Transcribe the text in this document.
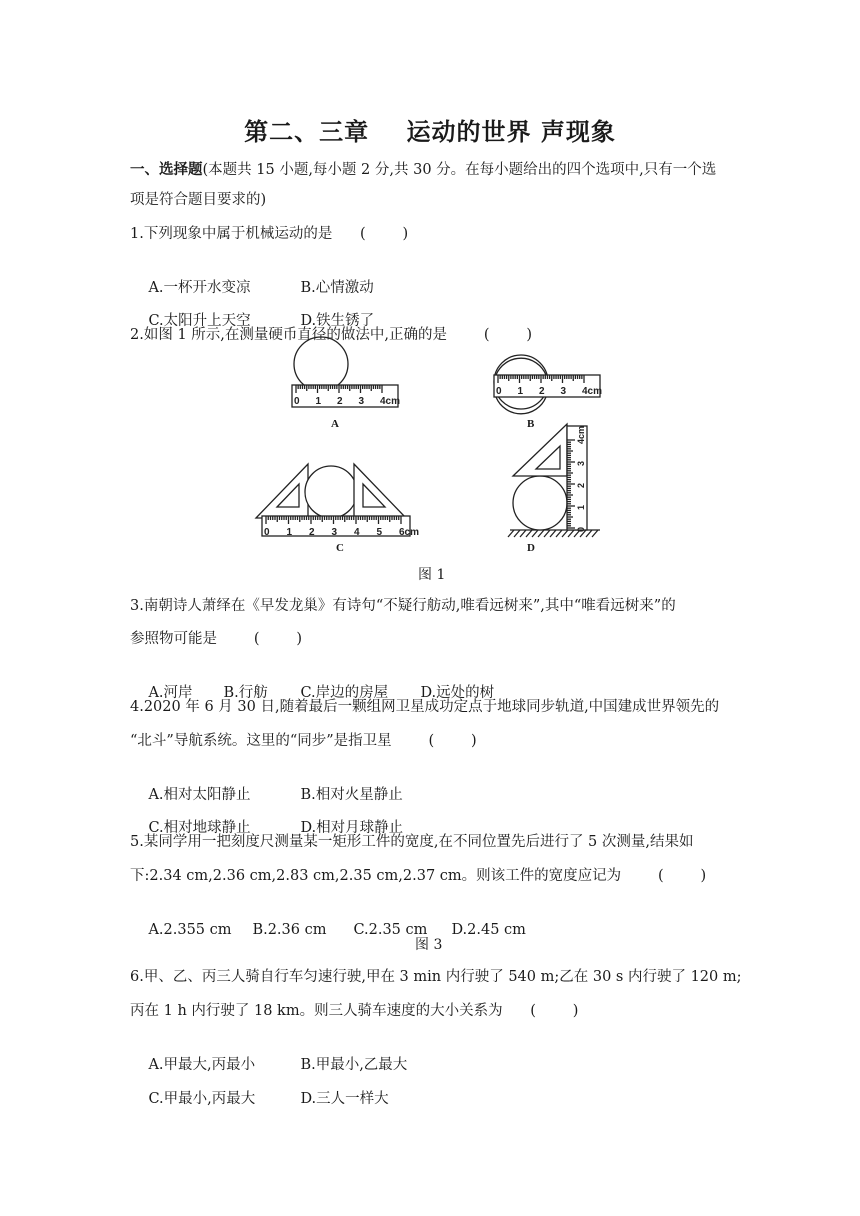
第二、三章    运动的世界 声现象
一、选择题(本题共 15 小题,每小题 2 分,共 30 分。在每小题给出的四个选项中,只有一个选
项是符合题目要求的)
1.下列现象中属于机械运动的是      (        )

A.一杯开水变凉	B.心情激动

C.太阳升上天空	D.铁生锈了

2.如图 1 所示,在测量硬币直径的做法中,正确的是        (        )
0 1 2 3 4cm
0 1 2 3 4cm
0 1 2 3 4 5 6cm	0
1
2
3
4cm
A	B
C	D
图 1
3.南朝诗人萧绎在《早发龙巢》有诗句“不疑行舫动,唯看远树来”,其中“唯看远树来”的
参照物可能是        (        )

A.河岸 B.行舫 C.岸边的房屋 D.远处的树

4.2020 年 6 月 30 日,随着最后一颗组网卫星成功定点于地球同步轨道,中国建成世界领先的
“北斗”导航系统。这里的“同步”是指卫星        (        )

A.相对太阳静止	B.相对火星静止

C.相对地球静止	D.相对月球静止

5.某同学用一把刻度尺测量某一矩形工件的宽度,在不同位置先后进行了 5 次测量,结果如
下:2.34 cm,2.36 cm,2.83 cm,2.35 cm,2.37 cm。则该工件的宽度应记为        (        )

A.2.355 cm B.2.36 cm C.2.35 cm D.2.45 cm

图 3
6.甲、乙、丙三人骑自行车匀速行驶,甲在 3 min 内行驶了 540 m;乙在 30 s 内行驶了 120 m;
丙在 1 h 内行驶了 18 km。则三人骑车速度的大小关系为      (        )

A.甲最大,丙最小	B.甲最小,乙最大

C.甲最小,丙最大	D.三人一样大
